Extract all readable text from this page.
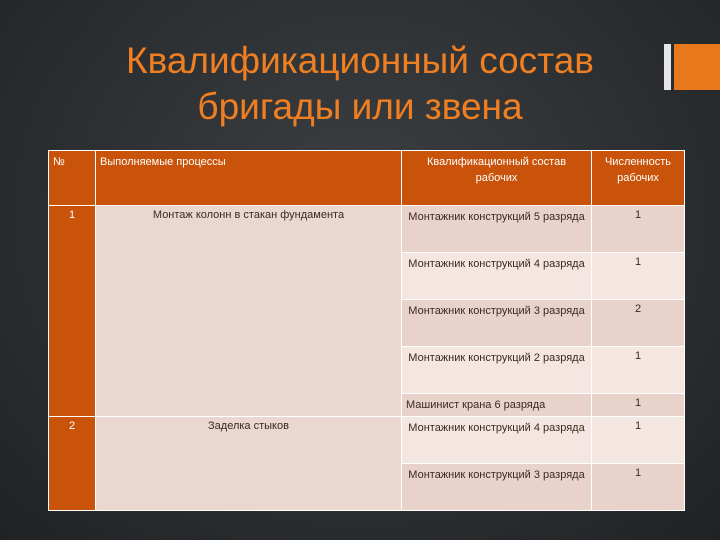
Квалификационный состав
бригады или звена
№	Выполняемые процессы	Квалификационный состав рабочих	Численность рабочих
1	Монтаж колонн в стакан фундамента	Монтажник конструкций 5 разряда	1
		Монтажник конструкций 4 разряда	1
		Монтажник конструкций 3 разряда	2
		Монтажник конструкций 2 разряда	1
		Машинист крана 6 разряда	1
2	Заделка стыков	Монтажник конструкций 4 разряда	1
		Монтажник конструкций 3 разряда	1
